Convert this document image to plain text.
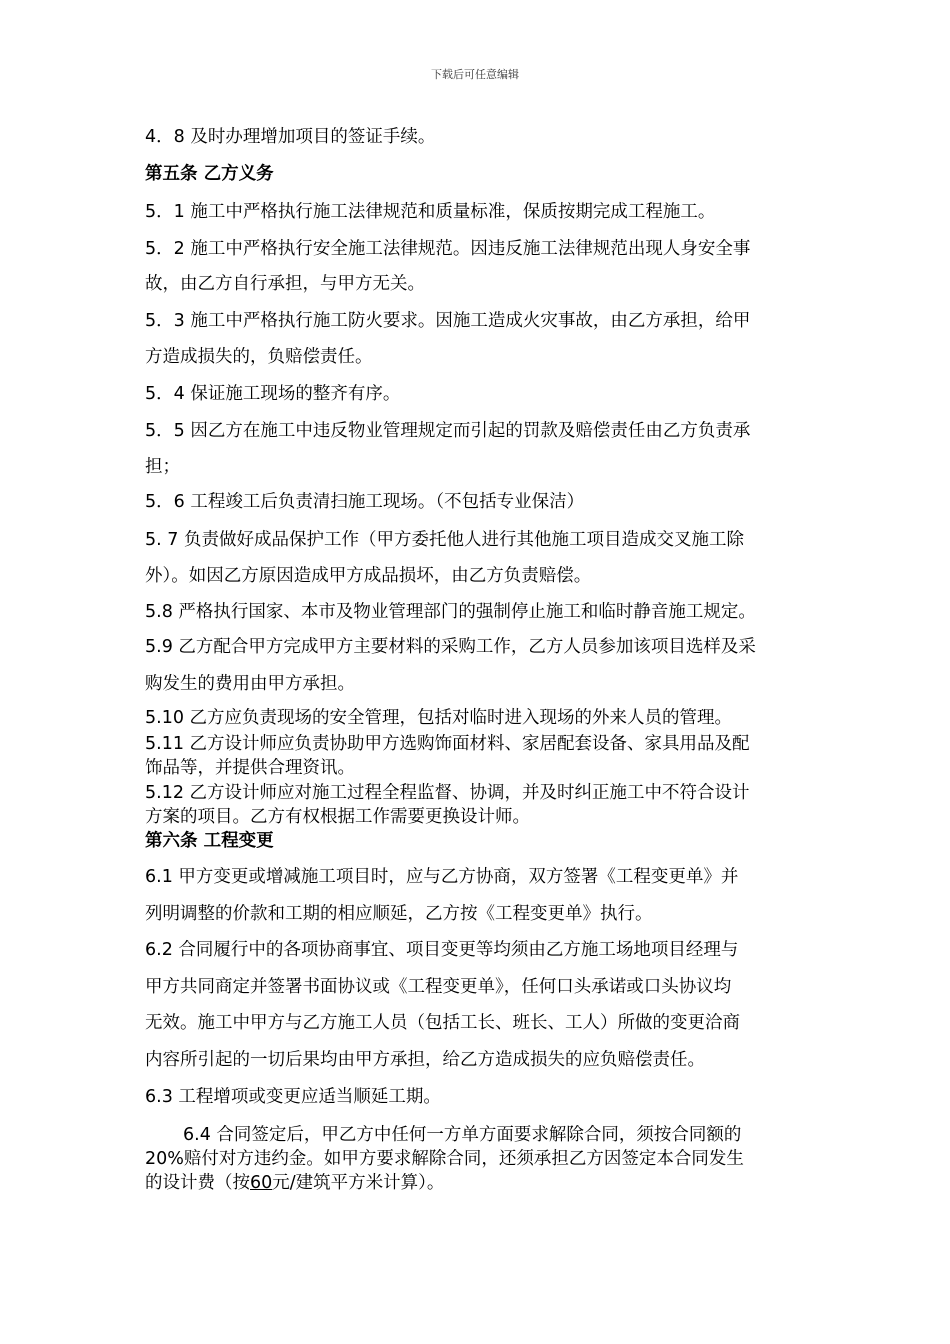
下载后可任意编辑
4．8 及时办理增加项目的签证手续。
第五条 乙方义务
5．1 施工中严格执行施工法律规范和质量标准，保质按期完成工程施工。
5．2 施工中严格执行安全施工法律规范。因违反施工法律规范出现人身安全事
故，由乙方自行承担，与甲方无关。
5．3 施工中严格执行施工防火要求。因施工造成火灾事故，由乙方承担，给甲
方造成损失的，负赔偿责任。
5．4 保证施工现场的整齐有序。
5．5 因乙方在施工中违反物业管理规定而引起的罚款及赔偿责任由乙方负责承
担；
5．6 工程竣工后负责清扫施工现场。（不包括专业保洁）
5. 7 负责做好成品保护工作（甲方委托他人进行其他施工项目造成交叉施工除
外）。如因乙方原因造成甲方成品损坏，由乙方负责赔偿。
5.8 严格执行国家、本市及物业管理部门的强制停止施工和临时静音施工规定。
5.9 乙方配合甲方完成甲方主要材料的采购工作，乙方人员参加该项目选样及采
购发生的费用由甲方承担。
5.10 乙方应负责现场的安全管理，包括对临时进入现场的外来人员的管理。
5.11 乙方设计师应负责协助甲方选购饰面材料、家居配套设备、家具用品及配
饰品等，并提供合理资讯。
5.12 乙方设计师应对施工过程全程监督、协调，并及时纠正施工中不符合设计
方案的项目。乙方有权根据工作需要更换设计师。
第六条 工程变更
6.1 甲方变更或增减施工项目时，应与乙方协商，双方签署《工程变更单》并
列明调整的价款和工期的相应顺延，乙方按《工程变更单》执行。
6.2 合同履行中的各项协商事宜、项目变更等均须由乙方施工场地项目经理与
甲方共同商定并签署书面协议或《工程变更单》，任何口头承诺或口头协议均
无效。施工中甲方与乙方施工人员（包括工长、班长、工人）所做的变更洽商
内容所引起的一切后果均由甲方承担，给乙方造成损失的应负赔偿责任。
6.3 工程增项或变更应适当顺延工期。
6.4 合同签定后，甲乙方中任何一方单方面要求解除合同，须按合同额的
20%赔付对方违约金。如甲方要求解除合同，还须承担乙方因签定本合同发生
的设计费（按60元/建筑平方米计算）。
